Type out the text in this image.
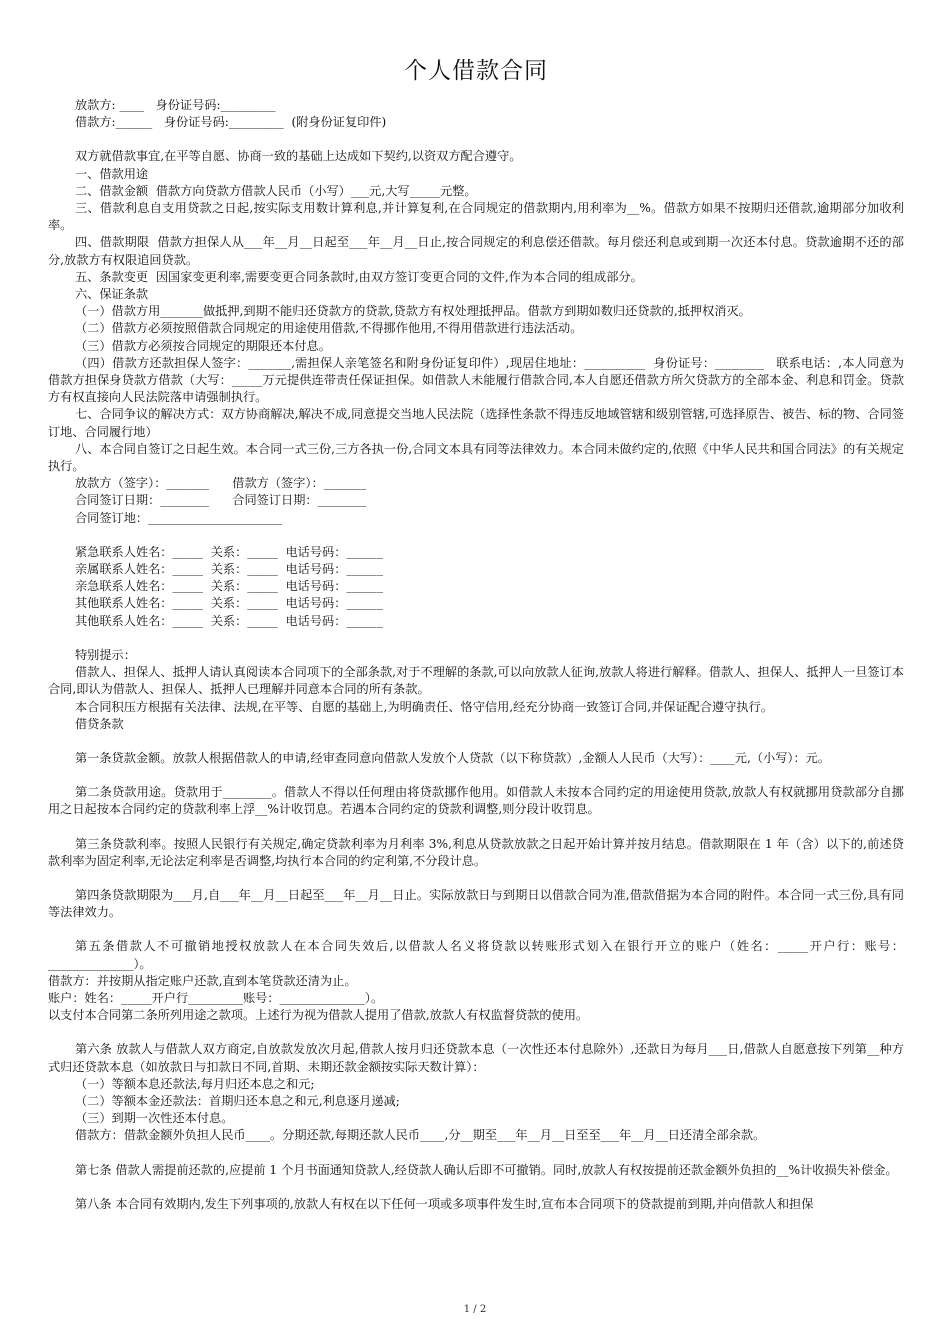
个人借款合同

放款方: ____   身份证号码:_________

借款方:______   身份证号码:_________  (附身份证复印件)

双方就借款事宜,在平等自愿、协商一致的基础上达成如下契约,以资双方配合遵守。

一、借款用途

二、借款金额  借款方向贷款方借款人民币（小写）___元,大写_____元整。

三、借款利息自支用贷款之日起,按实际支用数计算利息,并计算复利,在合同规定的借款期内,用利率为__%。借款方如果不按期归还借款,逾期部分加收利率。

四、借款期限  借款方担保人从___年__月__日起至___年__月__日止,按合同规定的利息偿还借款。每月偿还利息或到期一次还本付息。贷款逾期不还的部分,放款方有权限追回贷款。

五、条款变更  因国家变更利率,需要变更合同条款时,由双方签订变更合同的文件,作为本合同的组成部分。

六、保证条款

（一）借款方用_______做抵押,到期不能归还贷款方的贷款,贷款方有权处理抵押品。借款方到期如数归还贷款的,抵押权消灭。

（二）借款方必须按照借款合同规定的用途使用借款,不得挪作他用,不得用借款进行违法活动。

（三）借款方必须按合同规定的期限还本付息。

（四）借款方还款担保人签字：_______,需担保人亲笔签名和附身份证复印件）,现居住地址：__________  身份证号：________   联系电话：,本人同意为借款方担保身贷款方借款（大写：_____万元提供连带责任保证担保。如借款人未能履行借款合同,本人自愿还借款方所欠贷款方的全部本金、利息和罚金。贷款方有权直接向人民法院落申请强制执行。

七、合同争议的解决方式：双方协商解决,解决不成,同意提交当地人民法院（选择性条款不得违反地域管辖和级别管辖,可选择原告、被告、标的物、合同签订地、合同履行地）

八、本合同自签订之日起生效。本合同一式三份,三方各执一份,合同文本具有同等法律效力。本合同未做约定的,依照《中华人民共和国合同法》的有关规定执行。

放款方（签字）：_______      借款方（签字）：_______

合同签订日期：________      合同签订日期：________

合同签订地：______________________

紧急联系人姓名：_____  关系：_____  电话号码：______

亲属联系人姓名：_____  关系：_____  电话号码：______

亲急联系人姓名：_____  关系：_____  电话号码：______

其他联系人姓名：_____  关系：_____  电话号码：______

其他联系人姓名：_____  关系：_____  电话号码：______

特别提示：

借款人、担保人、抵押人请认真阅读本合同项下的全部条款,对于不理解的条款,可以向放款人征询,放款人将进行解释。借款人、担保人、抵押人一旦签订本合同,即认为借款人、担保人、抵押人已理解并同意本合同的所有条款。

本合同积压方根据有关法律、法规,在平等、自愿的基础上,为明确责任、恪守信用,经充分协商一致签订合同,并保证配合遵守执行。

借贷条款

第一条贷款金额。放款人根据借款人的申请,经审查同意向借款人发放个人贷款（以下称贷款）,金额人人民币（大写）：____元,（小写）：元。

第二条贷款用途。贷款用于________。借款人不得以任何理由将贷款挪作他用。如借款人未按本合同约定的用途使用贷款,放款人有权就挪用贷款部分自挪用之日起按本合同约定的贷款利率上浮__%计收罚息。若遇本合同约定的贷款利调整,则分段计收罚息。

第三条贷款利率。按照人民银行有关规定,确定贷款利率为月利率 3%,利息从贷款放款之日起开始计算并按月结息。借款期限在 1 年（含）以下的,前述贷款利率为固定利率,无论法定利率是否调整,均执行本合同的约定利第,不分段计息。

第四条贷款期限为___月,自___年__月__日起至___年__月__日止。实际放款日与到期日以借款合同为准,借款借据为本合同的附件。本合同一式三份,具有同等法律效力。

第五条借款人不可撤销地授权放款人在本合同失效后,以借款人名义将贷款以转账形式划入在银行开立的账户（姓名：_____开户行：账号：______________）。

借款方：并按期从指定账户还款,直到本笔贷款还清为止。

账户：姓名：_____开户行_________账号：______________）。

以支付本合同第二条所列用途之款项。上述行为视为借款人提用了借款,放款人有权监督贷款的使用。

第六条 放款人与借款人双方商定,自放款发放次月起,借款人按月归还贷款本息（一次性还本付息除外）,还款日为每月___日,借款人自愿意按下列第__种方式归还贷款本息（如放款日与扣款日不同,首期、未期还款金额按实际天数计算）：

（一）等额本息还款法,每月归还本息之和元;

（二）等额本金还款法：首期归还本息之和元,利息逐月递减;

（三）到期一次性还本付息。

借款方：借款金额外负担人民币____。分期还款,每期还款人民币____,分__期至___年__月__日至至___年__月__日还清全部余款。

第七条 借款人需提前还款的,应提前 1 个月书面通知贷款人,经贷款人确认后即不可撤销。同时,放款人有权按提前还款金额外负担的__%计收损失补偿金。

第八条 本合同有效期内,发生下列事项的,放款人有权在以下任何一项或多项事件发生时,宣布本合同项下的贷款提前到期,并向借款人和担保

1 / 2
